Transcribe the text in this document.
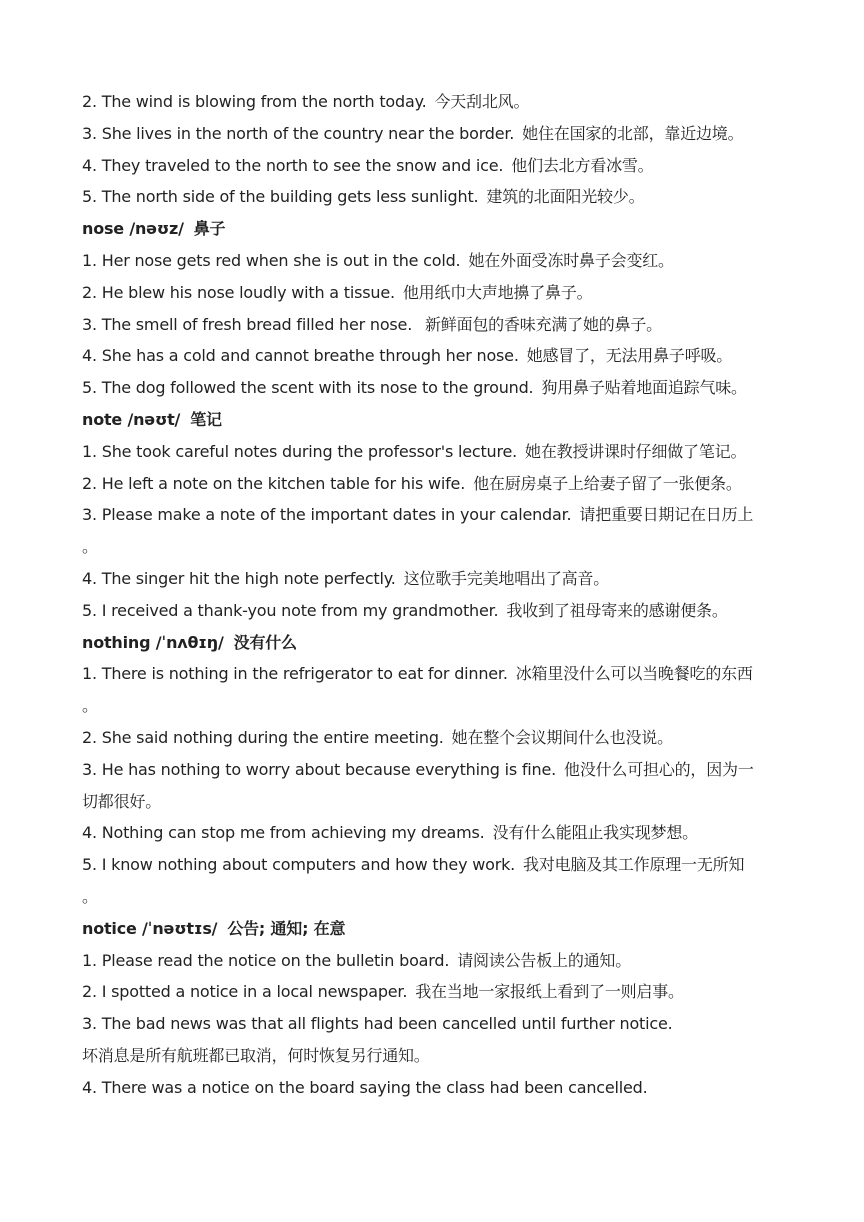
2. The wind is blowing from the north today. 今天刮北风。
3. She lives in the north of the country near the border. 她住在国家的北部，靠近边境。
4. They traveled to the north to see the snow and ice. 他们去北方看冰雪。
5. The north side of the building gets less sunlight. 建筑的北面阳光较少。
nose /nəʊz/ 鼻子
1. Her nose gets red when she is out in the cold. 她在外面受冻时鼻子会变红。
2. He blew his nose loudly with a tissue. 他用纸巾大声地擤了鼻子。
3. The smell of fresh bread filled her nose. 新鲜面包的香味充满了她的鼻子。
4. She has a cold and cannot breathe through her nose. 她感冒了，无法用鼻子呼吸。
5. The dog followed the scent with its nose to the ground. 狗用鼻子贴着地面追踪气味。
note /nəʊt/ 笔记
1. She took careful notes during the professor's lecture. 她在教授讲课时仔细做了笔记。
2. He left a note on the kitchen table for his wife. 他在厨房桌子上给妻子留了一张便条。
3. Please make a note of the important dates in your calendar. 请把重要日期记在日历上
。
4. The singer hit the high note perfectly. 这位歌手完美地唱出了高音。
5. I received a thank-you note from my grandmother. 我收到了祖母寄来的感谢便条。
nothing /ˈnʌθɪŋ/ 没有什么
1. There is nothing in the refrigerator to eat for dinner. 冰箱里没什么可以当晚餐吃的东西
。
2. She said nothing during the entire meeting. 她在整个会议期间什么也没说。
3. He has nothing to worry about because everything is fine. 他没什么可担心的，因为一
切都很好。
4. Nothing can stop me from achieving my dreams. 没有什么能阻止我实现梦想。
5. I know nothing about computers and how they work. 我对电脑及其工作原理一无所知
。
notice /ˈnəʊtɪs/ 公告; 通知; 在意
1. Please read the notice on the bulletin board. 请阅读公告板上的通知。
2. I spotted a notice in a local newspaper. 我在当地一家报纸上看到了一则启事。
3. The bad news was that all flights had been cancelled until further notice.
坏消息是所有航班都已取消，何时恢复另行通知。
4. There was a notice on the board saying the class had been cancelled.
